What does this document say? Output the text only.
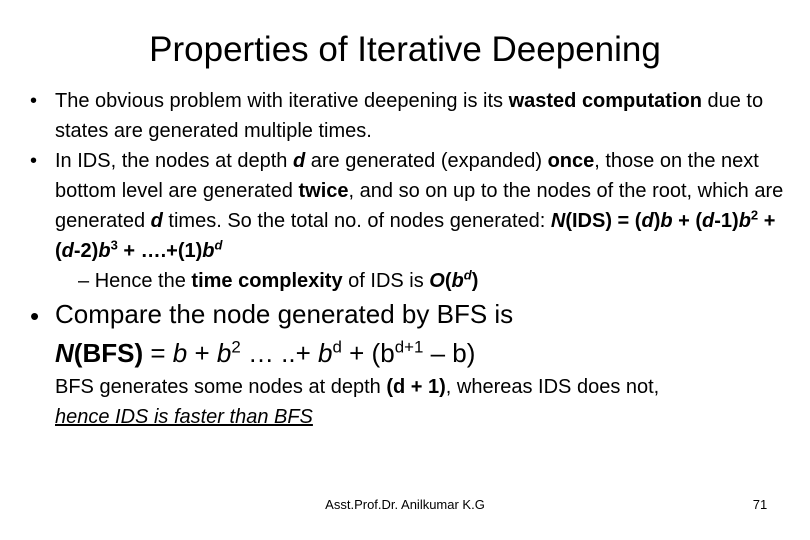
Properties of Iterative Deepening
• The obvious problem with iterative deepening is its wasted computation due to states are generated multiple times.
• In IDS, the nodes at depth d are generated (expanded) once, those on the next bottom level are generated twice, and so on up to the nodes of the root, which are generated d times. So the total no. of nodes generated: $N(IDS) = (d)b + (d-1)b^2 + (d-2)b^3$ + $\dots.+(1)b^d$
– Hence the time complexity of IDS is $O(b^d)$
• Compare the node generated by BFS is
$N(BFS) = b + b^2$ … ..+ $b^d + (b^{d+1} - b)$
BFS generates some nodes at depth (d + 1), whereas IDS does not,
hence IDS is faster than BFS
Asst.Prof.Dr. Anilkumar K.G	71
